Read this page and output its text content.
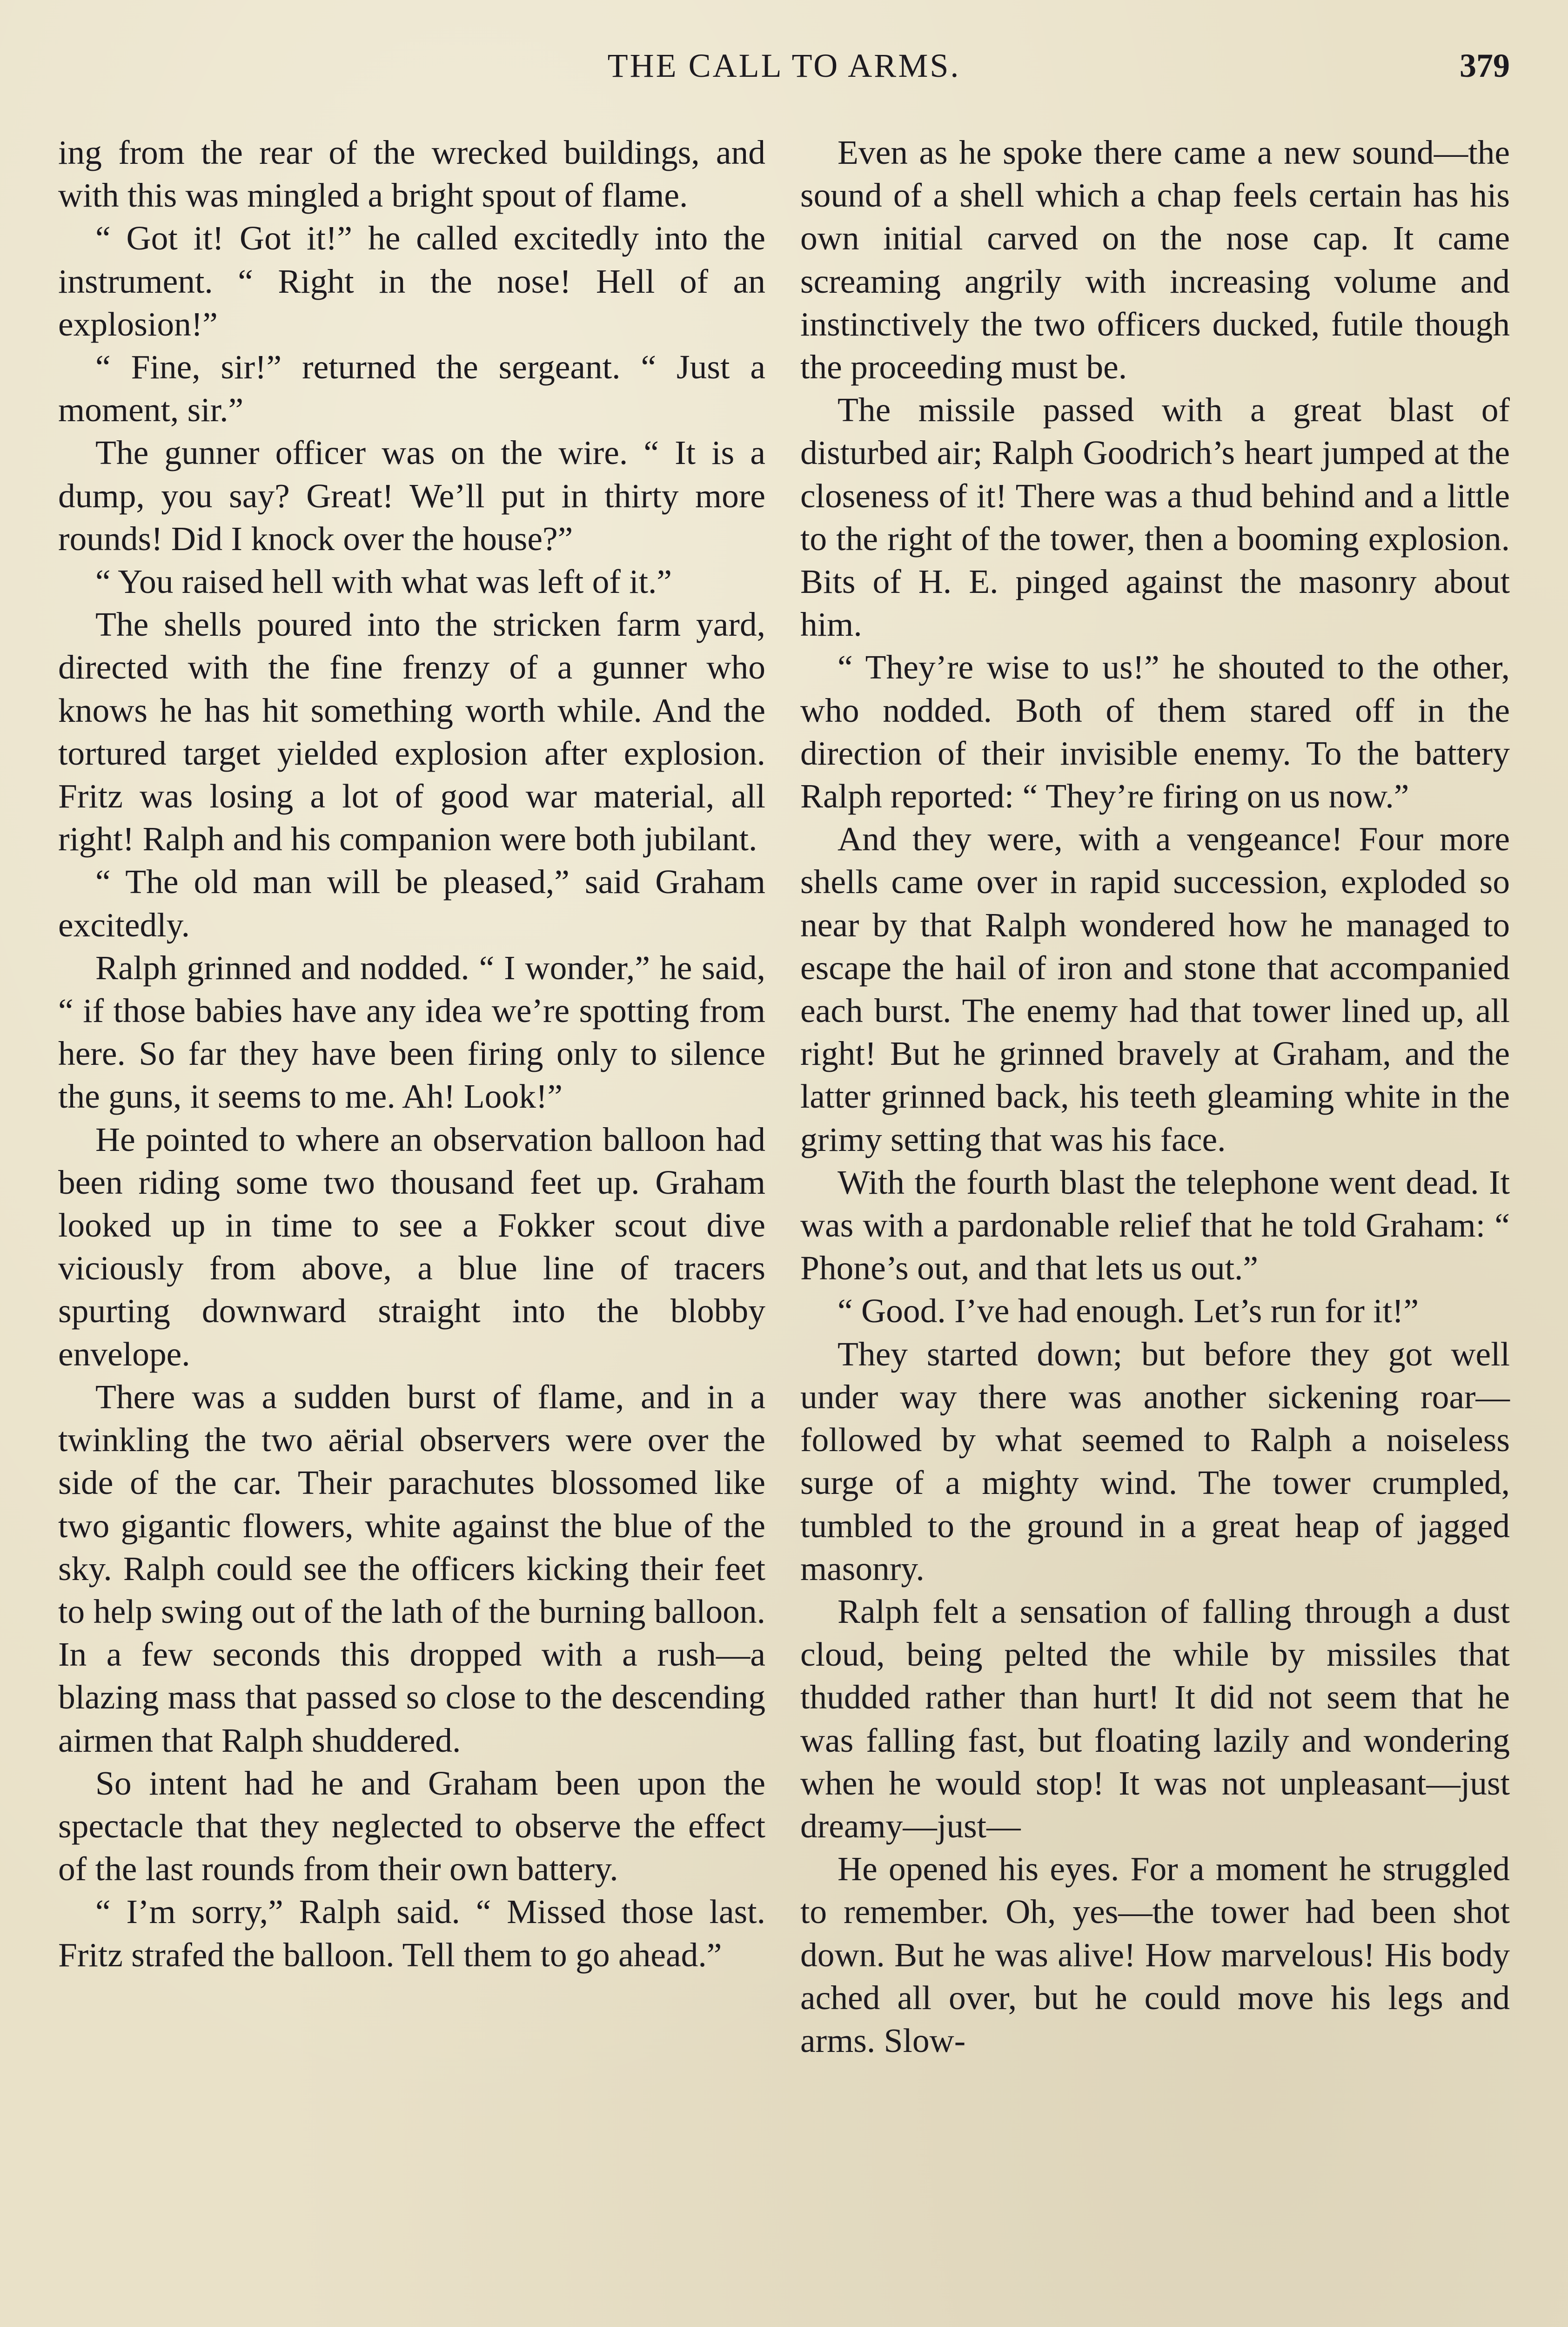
THE CALL TO ARMS.	379

ing from the rear of the wrecked buildings, and with this was mingled a bright spout of flame.

“ Got it! Got it!” he called excitedly into the instrument. “ Right in the nose! Hell of an explosion!”

“ Fine, sir!” returned the sergeant. “ Just a moment, sir.”

The gunner officer was on the wire. “ It is a dump, you say? Great! We’ll put in thirty more rounds! Did I knock over the house?”

“ You raised hell with what was left of it.”

The shells poured into the stricken farm yard, directed with the fine frenzy of a gunner who knows he has hit something worth while. And the tortured target yielded explosion after explosion. Fritz was losing a lot of good war material, all right! Ralph and his companion were both jubilant.

“ The old man will be pleased,” said Graham excitedly.

Ralph grinned and nodded. “ I wonder,” he said, “ if those babies have any idea we’re spotting from here. So far they have been firing only to silence the guns, it seems to me. Ah! Look!”

He pointed to where an observation balloon had been riding some two thousand feet up. Graham looked up in time to see a Fokker scout dive viciously from above, a blue line of tracers spurting downward straight into the blobby envelope.

There was a sudden burst of flame, and in a twinkling the two aërial observers were over the side of the car. Their parachutes blossomed like two gigantic flowers, white against the blue of the sky. Ralph could see the officers kicking their feet to help swing out of the lath of the burning balloon. In a few seconds this dropped with a rush—a blazing mass that passed so close to the descending airmen that Ralph shuddered.

So intent had he and Graham been upon the spectacle that they neglected to observe the effect of the last rounds from their own battery.

“ I’m sorry,” Ralph said. “ Missed those last. Fritz strafed the balloon. Tell them to go ahead.”

Even as he spoke there came a new sound—the sound of a shell which a chap feels certain has his own initial carved on the nose cap. It came screaming angrily with increasing volume and instinctively the two officers ducked, futile though the proceeding must be.

The missile passed with a great blast of disturbed air; Ralph Goodrich’s heart jumped at the closeness of it! There was a thud behind and a little to the right of the tower, then a booming explosion. Bits of H. E. pinged against the masonry about him.

“ They’re wise to us!” he shouted to the other, who nodded. Both of them stared off in the direction of their invisible enemy. To the battery Ralph reported: “ They’re firing on us now.”

And they were, with a vengeance! Four more shells came over in rapid succession, exploded so near by that Ralph wondered how he managed to escape the hail of iron and stone that accompanied each burst. The enemy had that tower lined up, all right! But he grinned bravely at Graham, and the latter grinned back, his teeth gleaming white in the grimy setting that was his face.

With the fourth blast the telephone went dead. It was with a pardonable relief that he told Graham: “ Phone’s out, and that lets us out.”

“ Good. I’ve had enough. Let’s run for it!”

They started down; but before they got well under way there was another sickening roar—followed by what seemed to Ralph a noiseless surge of a mighty wind. The tower crumpled, tumbled to the ground in a great heap of jagged masonry.

Ralph felt a sensation of falling through a dust cloud, being pelted the while by missiles that thudded rather than hurt! It did not seem that he was falling fast, but floating lazily and wondering when he would stop! It was not unpleasant—just dreamy—just—

He opened his eyes. For a moment he struggled to remember. Oh, yes—the tower had been shot down. But he was alive! How marvelous! His body ached all over, but he could move his legs and arms. Slow-
